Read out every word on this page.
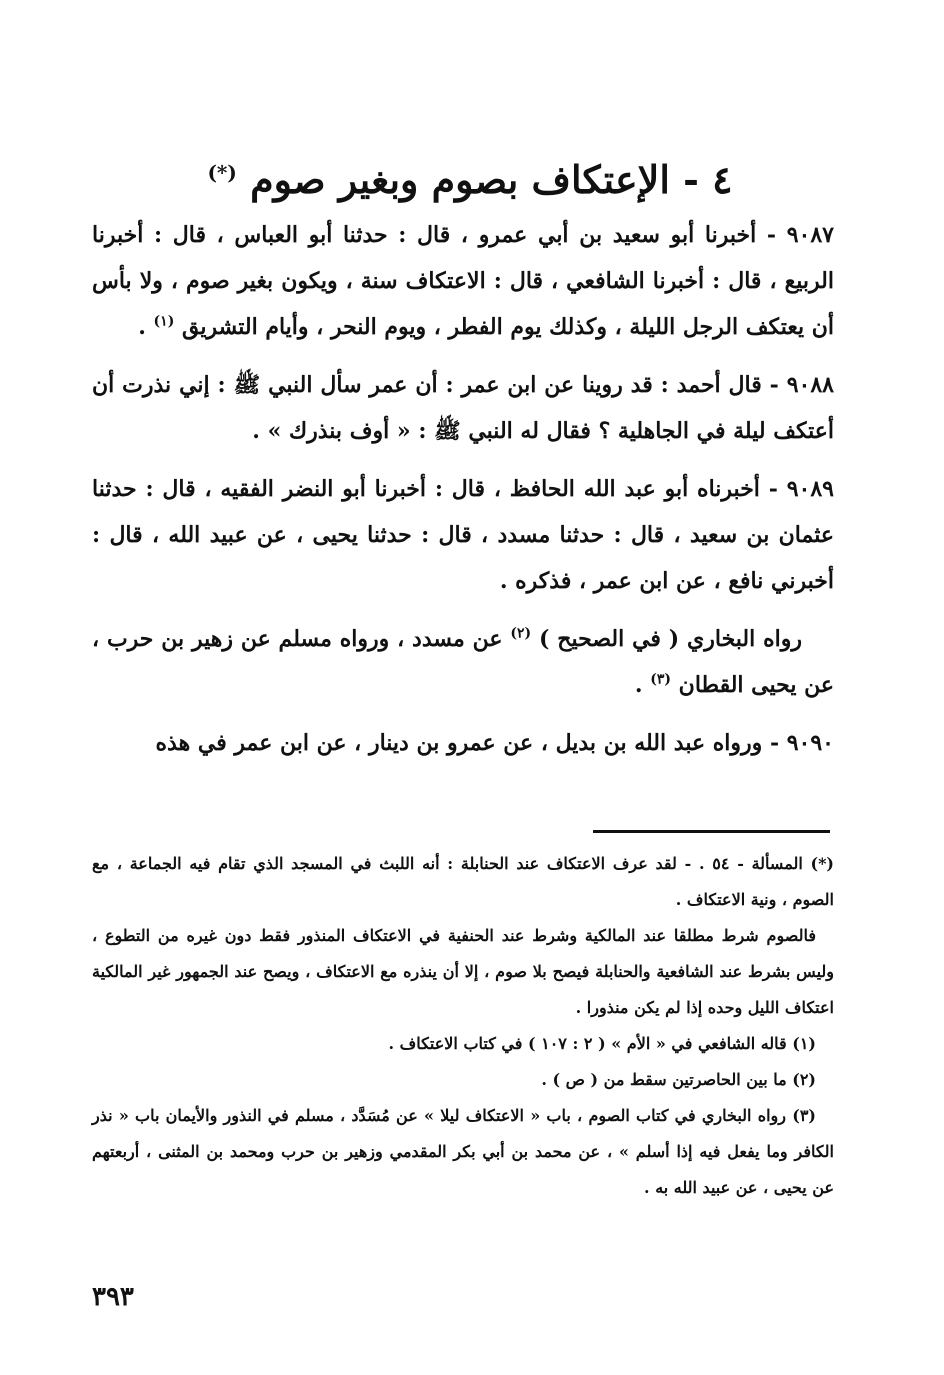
٤ - الإعتكاف بصوم وبغير صوم (*)

٩٠٨٧ - أخبرنا أبو سعيد بن أبي عمرو ، قال : حدثنا أبو العباس ، قال : أخبرنا الربيع ، قال : أخبرنا الشافعي ، قال : الاعتكاف سنة ، ويكون بغير صوم ، ولا بأس أن يعتكف الرجل الليلة ، وكذلك يوم الفطر ، ويوم النحر ، وأيام التشريق $^{(١)}$ .

٩٠٨٨ - قال أحمد : قد روينا عن ابن عمر : أن عمر سأل النبي ﷺ : إني نذرت أن أعتكف ليلة في الجاهلية ؟ فقال له النبي ﷺ : « أوف بنذرك » .

٩٠٨٩ - أخبرناه أبو عبد الله الحافظ ، قال : أخبرنا أبو النضر الفقيه ، قال : حدثنا عثمان بن سعيد ، قال : حدثنا مسدد ، قال : حدثنا يحيى ، عن عبيد الله ، قال : أخبرني نافع ، عن ابن عمر ، فذكره .

رواه البخاري ( في الصحيح ) $^{(٢)}$ عن مسدد ، ورواه مسلم عن زهير بن حرب ، عن يحيى القطان $^{(٣)}$ .

٩٠٩٠ - ورواه عبد الله بن بديل ، عن عمرو بن دينار ، عن ابن عمر في هذه

(*) المسألة - ٥٤ . - لقد عرف الاعتكاف عند الحنابلة : أنه اللبث في المسجد الذي تقام فيه الجماعة ، مع الصوم ، ونية الاعتكاف .

فالصوم شرط مطلقا عند المالكية وشرط عند الحنفية في الاعتكاف المنذور فقط دون غيره من التطوع ، وليس بشرط عند الشافعية والحنابلة فيصح بلا صوم ، إلا أن ينذره مع الاعتكاف ، ويصح عند الجمهور غير المالكية اعتكاف الليل وحده إذا لم يكن منذورا .

(١) قاله الشافعي في « الأم » ( ٢ : ١٠٧ ) في كتاب الاعتكاف .

(٢) ما بين الحاصرتين سقط من ( ص ) .

(٣) رواه البخاري في كتاب الصوم ، باب « الاعتكاف ليلا » عن مُسَدَّد ، مسلم في النذور والأيمان باب « نذر الكافر وما يفعل فيه إذا أسلم » ، عن محمد بن أبي بكر المقدمي وزهير بن حرب ومحمد بن المثنى ، أربعتهم عن يحيى ، عن عبيد الله به .

٣٩٣
